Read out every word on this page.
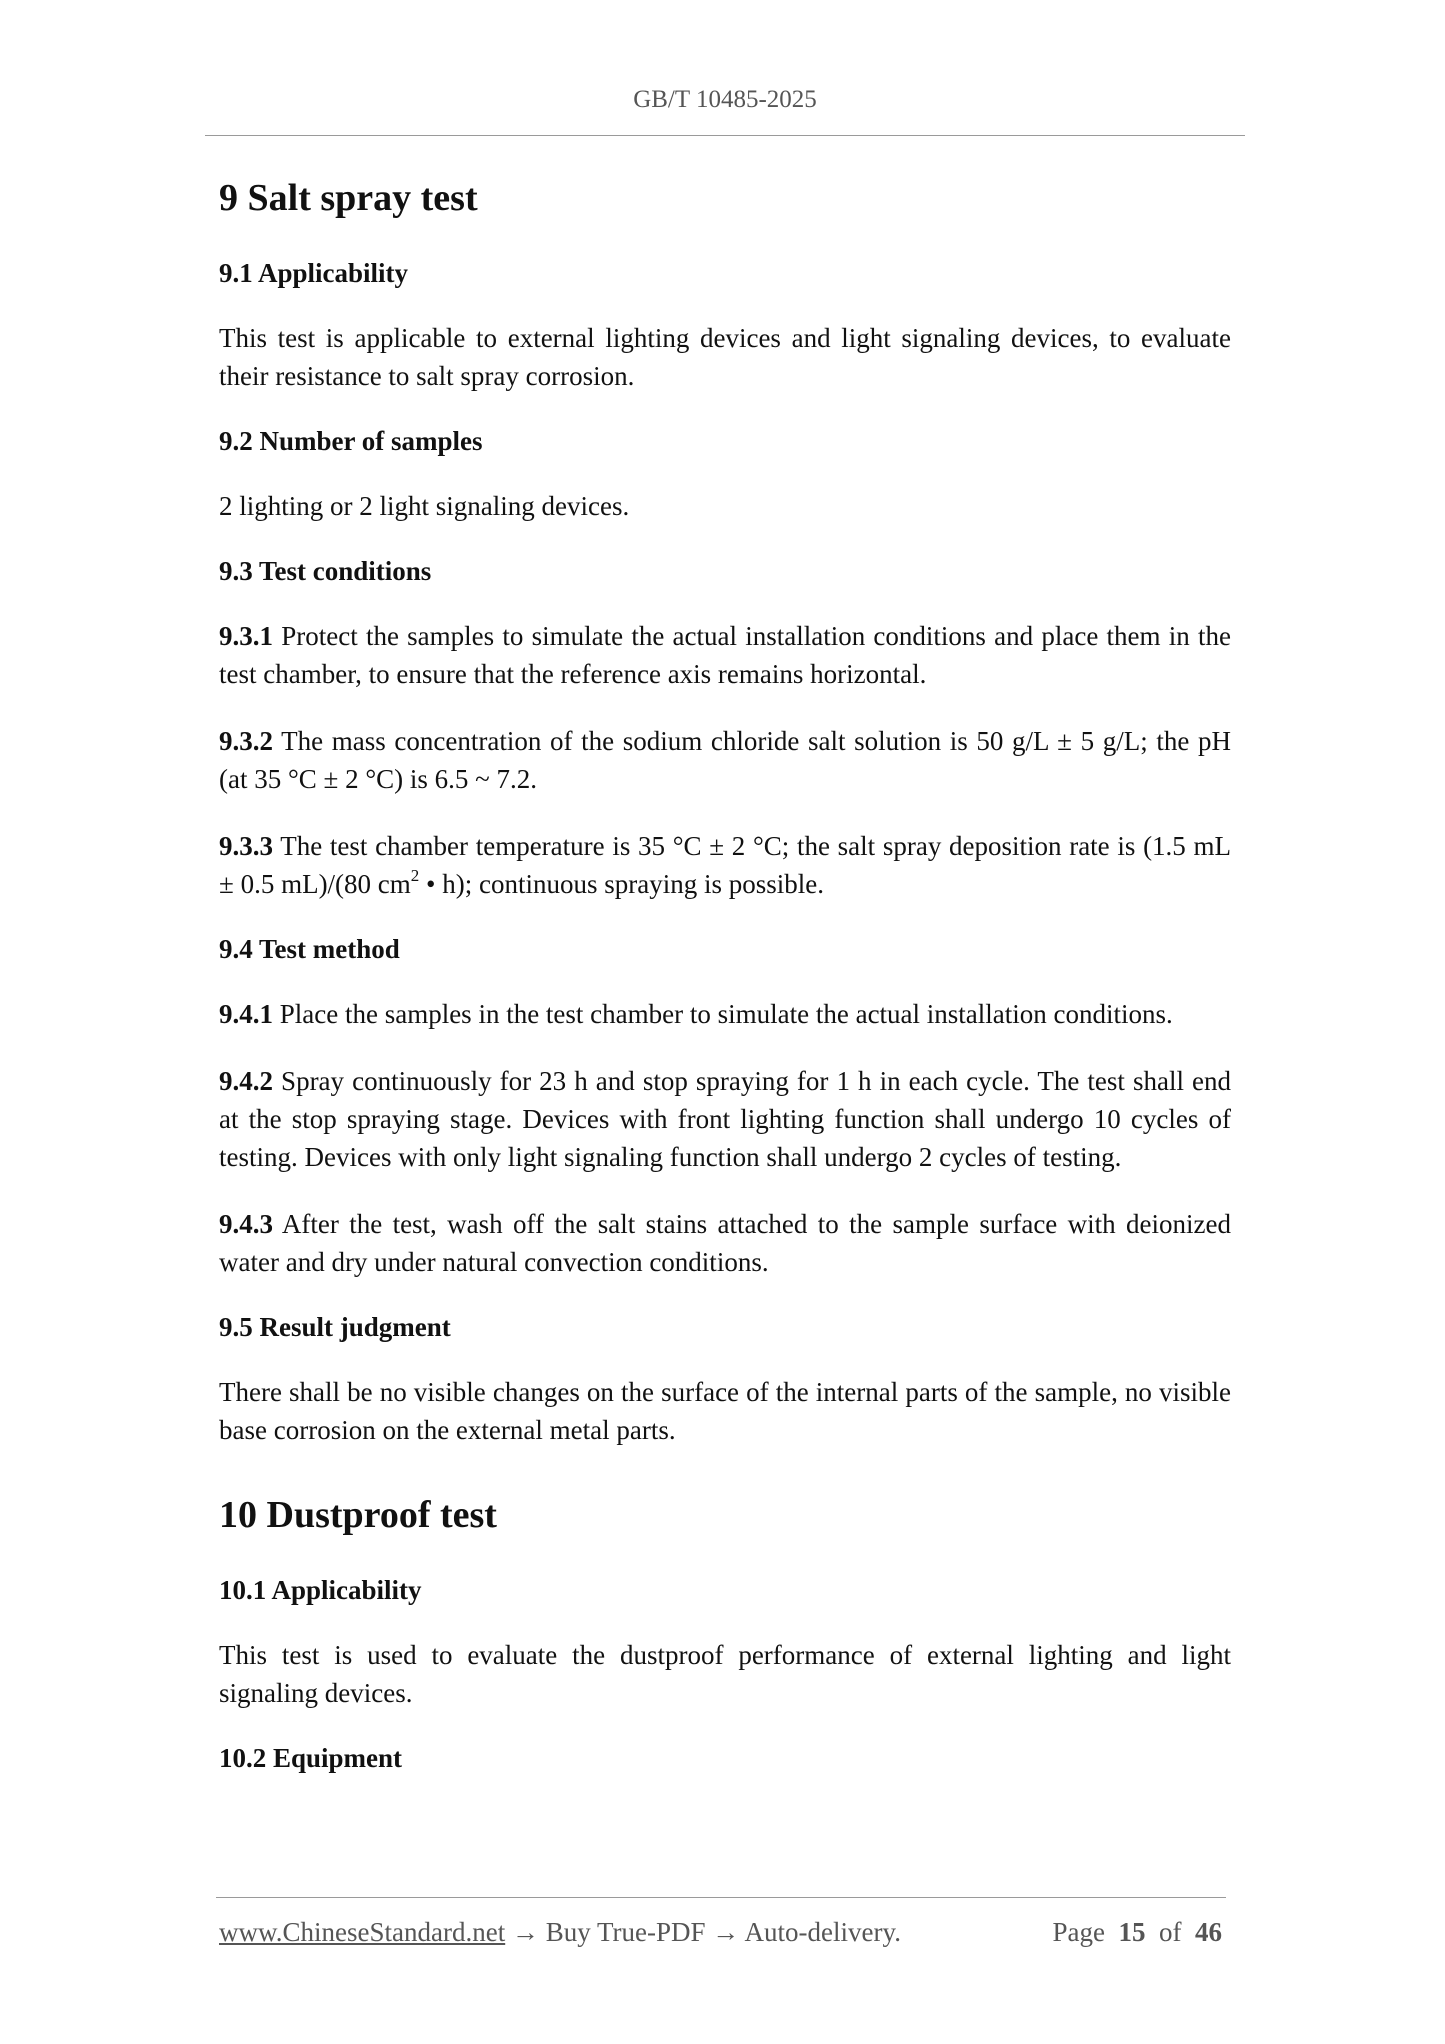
GB/T 10485-2025
9 Salt spray test
9.1 Applicability

This test is applicable to external lighting devices and light signaling devices, to evaluate their resistance to salt spray corrosion.

9.2 Number of samples

2 lighting or 2 light signaling devices.

9.3 Test conditions

9.3.1 Protect the samples to simulate the actual installation conditions and place them in the test chamber, to ensure that the reference axis remains horizontal.

9.3.2 The mass concentration of the sodium chloride salt solution is 50 g/L ± 5 g/L; the pH (at 35 °C ± 2 °C) is 6.5 ~ 7.2.

9.3.3 The test chamber temperature is 35 °C ± 2 °C; the salt spray deposition rate is (1.5 mL ± 0.5 mL)/(80 $cm^2$ • h); continuous spraying is possible.

9.4 Test method

9.4.1 Place the samples in the test chamber to simulate the actual installation conditions.

9.4.2 Spray continuously for 23 h and stop spraying for 1 h in each cycle. The test shall end at the stop spraying stage. Devices with front lighting function shall undergo 10 cycles of testing. Devices with only light signaling function shall undergo 2 cycles of testing.

9.4.3 After the test, wash off the salt stains attached to the sample surface with deionized water and dry under natural convection conditions.

9.5 Result judgment

There shall be no visible changes on the surface of the internal parts of the sample, no visible base corrosion on the external metal parts.

10 Dustproof test
10.1 Applicability

This test is used to evaluate the dustproof performance of external lighting and light signaling devices.

10.2 Equipment
www.ChineseStandard.net → Buy True-PDF → Auto-delivery.	Page 15 of 46
